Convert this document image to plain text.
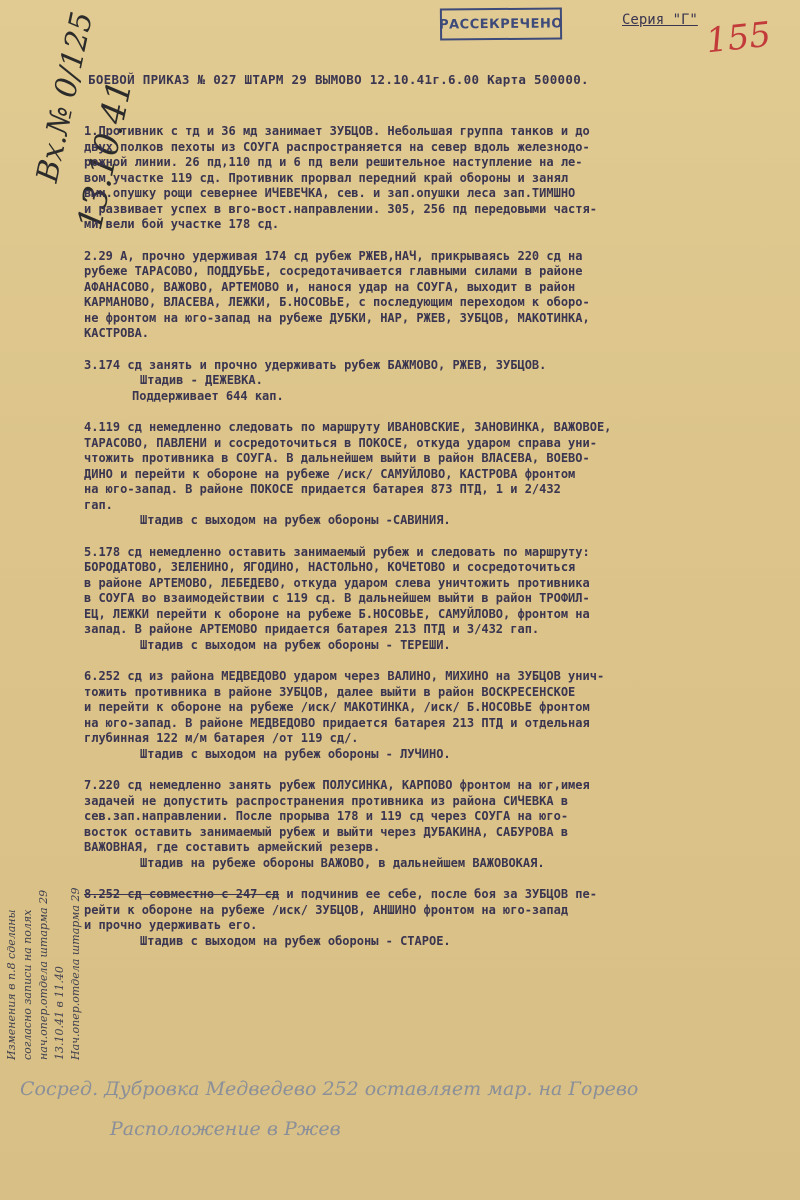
РАССЕКРЕЧЕНО	Серия "Г" 155
Вх.№ 0/125
13.10.41
БОЕВОЙ ПРИКАЗ № 027 ШТАРМ 29 ВЫМОВО 12.10.41г.6.00 Карта 500000.
1.Противник с тд и 36 мд занимает ЗУБЦОВ. Небольшая группа танков и до
двух полков пехоты из СОУГА распространяется на север вдоль железнодо-
рожной линии. 26 пд,110 пд и 6 пд вели решительное наступление на ле-
вом участке 119 сд. Противник прорвал передний край обороны и занял
вын.опушку рощи севернее ИЧЕВЕЧКА, сев. и зап.опушки леса зап.ТИМШНО
и развивает успех в вго-вост.направлении. 305, 256 пд передовыми частя-
ми вели бой участке 178 сд.
2.29 А, прочно удерживая 174 сд рубеж РЖЕВ,НАЧ, прикрываясь 220 сд на
рубеже ТАРАСОВО, ПОДДУБЬЕ, сосредотачивается главными силами в районе
АФАНАСОВО, ВАЖОВО, АРТЕМОВО и, нанося удар на СОУГА, выходит в район
КАРМАНОВО, ВЛАСЕВА, ЛЕЖКИ, Б.НОСОВЬЕ, с последующим переходом к оборо-
не фронтом на юго-запад на рубеже ДУБКИ, НАР, РЖЕВ, ЗУБЦОВ, МАКОТИНКА,
КАСТРОВА.
3.174 сд занять и прочно удерживать рубеж БАЖМОВО, РЖЕВ, ЗУБЦОВ.
Штадив - ДЕЖЕВКА.
Поддерживает 644 кап.
4.119 сд немедленно следовать по маршруту ИВАНОВСКИЕ, ЗАНОВИНКА, ВАЖОВОЕ,
ТАРАСОВО, ПАВЛЕНИ и сосредоточиться в ПОКОСЕ, откуда ударом справа уни-
чтожить противника в СОУГА. В дальнейшем выйти в район ВЛАСЕВА, ВОЕВО-
ДИНО и перейти к обороне на рубеже /иск/ САМУЙЛОВО, КАСТРОВА фронтом
на юго-запад. В районе ПОКОСЕ придается батарея 873 ПТД, 1 и 2/432
гап.
Штадив с выходом на рубеж обороны -САВИНИЯ.
5.178 сд немедленно оставить занимаемый рубеж и следовать по маршруту:
БОРОДАТОВО, ЗЕЛЕНИНО, ЯГОДИНО, НАСТОЛЬНО, КОЧЕТОВО и сосредоточиться
в районе АРТЕМОВО, ЛЕБЕДЕВО, откуда ударом слева уничтожить противника
в СОУГА во взаимодействии с 119 сд. В дальнейшем выйти в район ТРОФИЛ-
ЕЦ, ЛЕЖКИ перейти к обороне на рубеже Б.НОСОВЬЕ, САМУЙЛОВО, фронтом на
запад. В районе АРТЕМОВО придается батарея 213 ПТД и 3/432 гап.
Штадив с выходом на рубеж обороны - ТЕРЕШИ.
6.252 сд из района МЕДВЕДОВО ударом через ВАЛИНО, МИХИНО на ЗУБЦОВ унич-
тожить противника в районе ЗУБЦОВ, далее выйти в район ВОСКРЕСЕНСКОЕ
и перейти к обороне на рубеже /иск/ МАКОТИНКА, /иск/ Б.НОСОВЬЕ фронтом
на юго-запад. В районе МЕДВЕДОВО придается батарея 213 ПТД и отдельная
глубинная 122 м/м батарея /от 119 сд/.
Штадив с выходом на рубеж обороны - ЛУЧИНО.
7.220 сд немедленно занять рубеж ПОЛУСИНКА, КАРПОВО фронтом на юг,имея
задачей не допустить распространения противника из района СИЧЕВКА в
сев.зап.направлении. После прорыва 178 и 119 сд через СОУГА на юго-
восток оставить занимаемый рубеж и выйти через ДУБАКИНА, САБУРОВА в
ВАЖОВНАЯ, где составить армейский резерв.
Штадив на рубеже обороны ВАЖОВО, в дальнейшем ВАЖОВОКАЯ.
8.252 сд совместно с 247 сд и подчинив ее себе, после боя за ЗУБЦОВ пе-
рейти к обороне на рубеже /иск/ ЗУБЦОВ, АНШИНО фронтом на юго-запад
и прочно удерживать его.
Штадив с выходом на рубеж обороны - СТАРОЕ.
Изменения в п.8 сделаны согласно записи на полях нач.опер.отдела штарма 29 13.10.41 в 11.40 Нач.опер.отдела штарма 29
Сосред. Дубровка Медведево 252 оставляет мар. на Горево
Расположение в Ржев
